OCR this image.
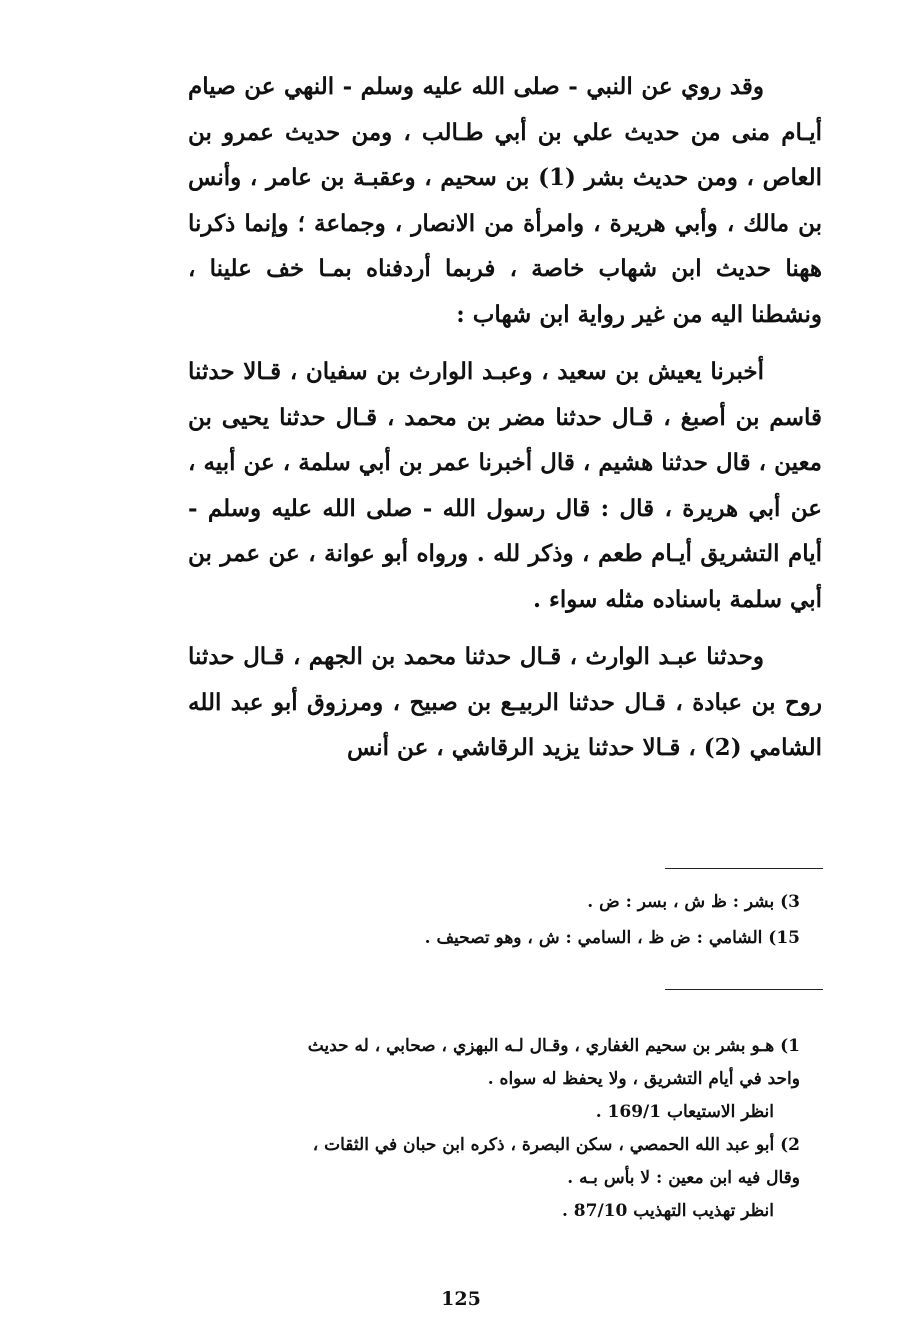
وقد روي عن النبي - صلى الله عليه وسلم - النهي عن صيام أيـام منى من حديث علي بن أبي طـالب ، ومن حديث عمرو بن العاص ، ومن حديث بشر (1) بن سحيم ، وعقبـة بن عامر ، وأنس بن مالك ، وأبي هريرة ، وامرأة من الانصار ، وجماعة ؛ وإنما ذكرنا ههنا حديث ابن شهاب خاصة ، فربما أردفناه بمـا خف علينا ، ونشطنا اليه من غير رواية ابن شهاب :

أخبرنا يعيش بن سعيد ، وعبـد الوارث بن سفيان ، قـالا حدثنا قاسم بن أصبغ ، قـال حدثنا مضر بن محمد ، قـال حدثنا يحيى بن معين ، قال حدثنا هشيم ، قال أخبرنا عمر بن أبي سلمة ، عن أبيه ، عن أبي هريرة ، قال : قال رسول الله - صلى الله عليه وسلم - أيام التشريق أيـام طعم ، وذكر لله . ورواه أبو عوانة ، عن عمر بن أبي سلمة باسناده مثله سواء .

وحدثنا عبـد الوارث ، قـال حدثنا محمد بن الجهم ، قـال حدثنا روح بن عبادة ، قـال حدثنا الربيـع بن صبيح ، ومرزوق أبو عبد الله الشامي (2) ، قـالا حدثنا يزيد الرقاشي ، عن أنس

3) بشر : ظ ش ، بسر : ض .
15) الشامي : ض ظ ، السامي : ش ، وهو تصحيف .
1) هـو بشر بن سحيم الغفاري ، وقـال لـه البهزي ، صحابي ، له حديث
واحد في أيام التشريق ، ولا يحفظ له سواه .
انظر الاستيعاب 169/1 .
2) أبو عبد الله الحمصي ، سكن البصرة ، ذكره ابن حبان في الثقات ،
وقال فيه ابن معين : لا بأس بـه .
انظر تهذيب التهذيب 87/10 .
125
